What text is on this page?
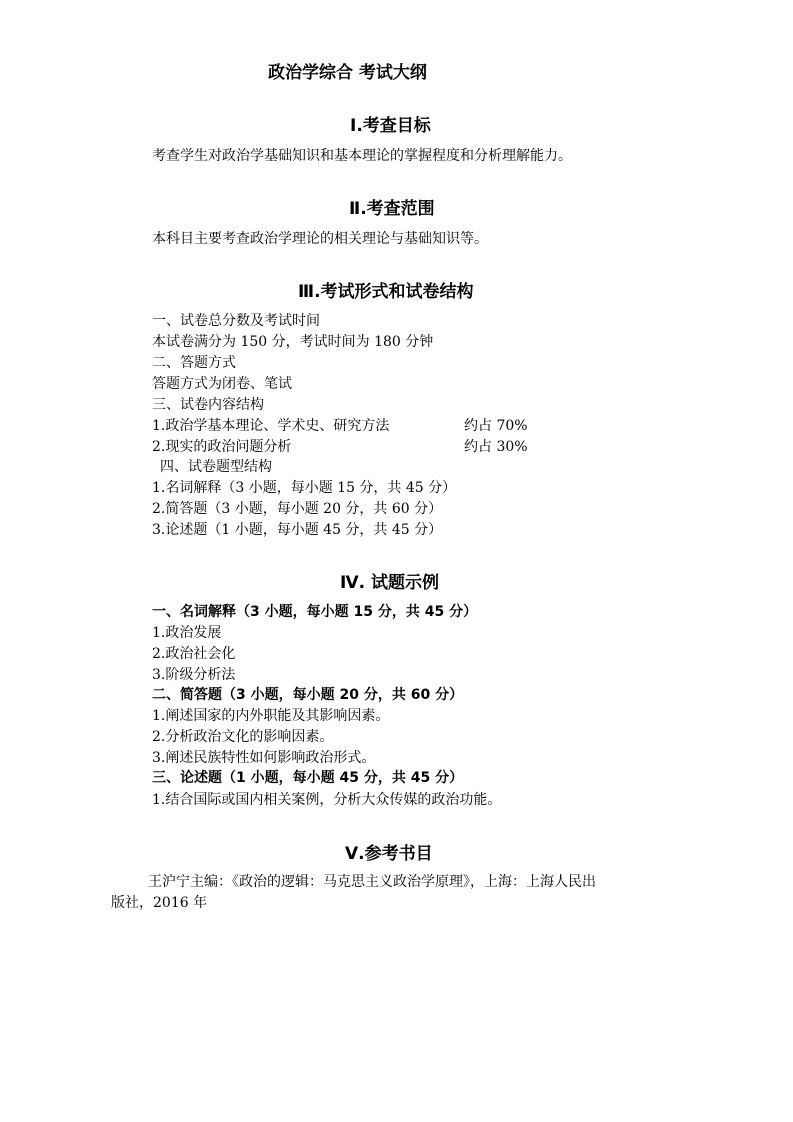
政治学综合 考试大纲
Ⅰ.考查目标
考查学生对政治学基础知识和基本理论的掌握程度和分析理解能力。
Ⅱ.考查范围
本科目主要考查政治学理论的相关理论与基础知识等。
Ⅲ.考试形式和试卷结构
一、试卷总分数及考试时间
本试卷满分为 150 分，考试时间为 180 分钟
二、答题方式
答题方式为闭卷、笔试
三、试卷内容结构
1.政治学基本理论、学术史、研究方法	约占 70%
2.现实的政治问题分析	约占 30%
四、试卷题型结构
1.名词解释（3 小题，每小题 15 分，共 45 分）
2.简答题（3 小题，每小题 20 分，共 60 分）
3.论述题（1 小题，每小题 45 分，共 45 分）
Ⅳ. 试题示例
一、名词解释（3 小题，每小题 15 分，共 45 分）
1.政治发展
2.政治社会化
3.阶级分析法
二、简答题（3 小题，每小题 20 分，共 60 分）
1.阐述国家的内外职能及其影响因素。
2.分析政治文化的影响因素。
3.阐述民族特性如何影响政治形式。
三、论述题（1 小题，每小题 45 分，共 45 分）
1.结合国际或国内相关案例，分析大众传媒的政治功能。
Ⅴ.参考书目
王沪宁主编：《政治的逻辑：马克思主义政治学原理》，上海：上海人民出
版社，2016 年
